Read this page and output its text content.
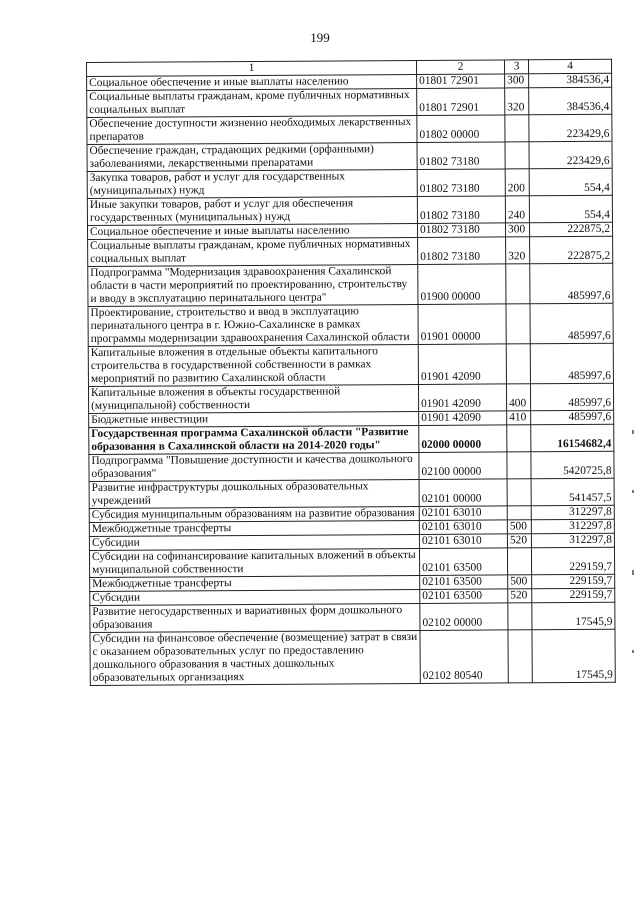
199
1	2	3	4
Социальное обеспечение и иные выплаты населению	01801 72901	300	384536,4
Социальные выплаты гражданам, кроме публичных нормативных социальных выплат	01801 72901	320	384536,4
Обеспечение доступности жизненно необходимых лекарственных препаратов	01802 00000		223429,6
Обеспечение граждан, страдающих редкими (орфанными) заболеваниями, лекарственными препаратами	01802 73180		223429,6
Закупка товаров, работ и услуг для государственных (муниципальных) нужд	01802 73180	200	554,4
Иные закупки товаров, работ и услуг для обеспечения государственных (муниципальных) нужд	01802 73180	240	554,4
Социальное обеспечение и иные выплаты населению	01802 73180	300	222875,2
Социальные выплаты гражданам, кроме публичных нормативных социальных выплат	01802 73180	320	222875,2
Подпрограмма "Модернизация здравоохранения Сахалинской области в части мероприятий по проектированию, строительству и вводу в эксплуатацию перинатального центра"	01900 00000		485997,6
Проектирование, строительство и ввод в эксплуатацию перинатального центра в г. Южно-Сахалинске в рамках программы модернизации здравоохранения Сахалинской области	01901 00000		485997,6
Капитальные вложения в отдельные объекты капитального строительства в государственной собственности в рамках мероприятий по развитию Сахалинской области	01901 42090		485997,6
Капитальные вложения в объекты государственной (муниципальной) собственности	01901 42090	400	485997,6
Бюджетные инвестиции	01901 42090	410	485997,6
Государственная программа Сахалинской области "Развитие образования в Сахалинской области на 2014-2020 годы"	02000 00000		16154682,4
Подпрограмма "Повышение доступности и качества дошкольного образования"	02100 00000		5420725,8
Развитие инфраструктуры дошкольных образовательных учреждений	02101 00000		541457,5
Субсидия муниципальным образованиям на развитие образования	02101 63010		312297,8
Межбюджетные трансферты	02101 63010	500	312297,8
Субсидии	02101 63010	520	312297,8
Субсидии на софинансирование капитальных вложений в объекты муниципальной собственности	02101 63500		229159,7
Межбюджетные трансферты	02101 63500	500	229159,7
Субсидии	02101 63500	520	229159,7
Развитие негосударственных и вариативных форм дошкольного образования	02102 00000		17545,9
Субсидии на финансовое обеспечение (возмещение) затрат в связи с оказанием образовательных услуг по предоставлению дошкольного образования в частных дошкольных образовательных организациях	02102 80540		17545,9
